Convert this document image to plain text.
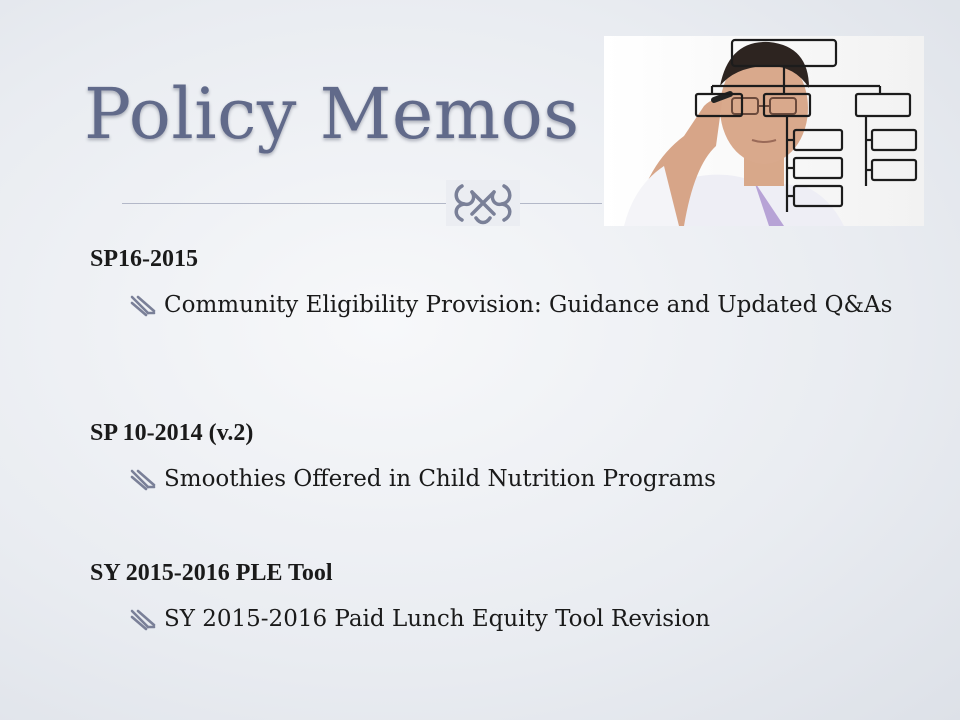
Policy Memos

SP16-2015

Community Eligibility Provision: Guidance and Updated Q&As

SP 10-2014 (v.2)

Smoothies Offered in Child Nutrition Programs

SY 2015-2016 PLE Tool

SY 2015-2016 Paid Lunch Equity Tool Revision
